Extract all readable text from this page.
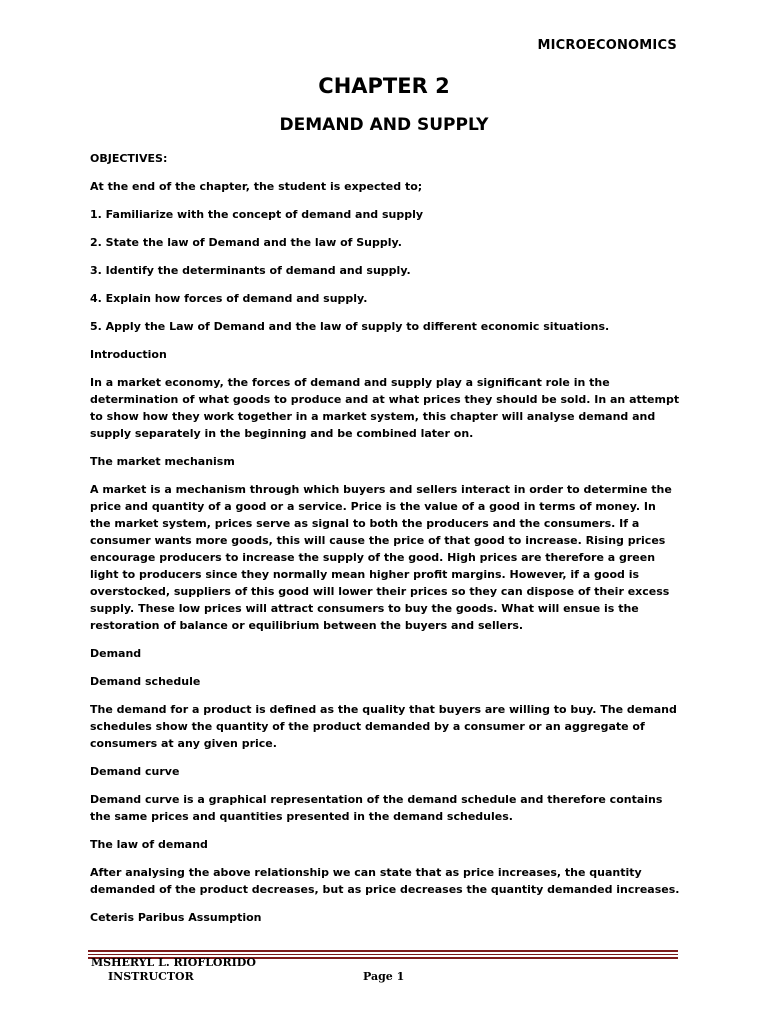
MICROECONOMICS
CHAPTER 2
DEMAND AND SUPPLY

OBJECTIVES:

At the end of the chapter, the student is expected to;

1. Familiarize with the concept of demand and supply

2. State the law of Demand and the law of Supply.

3. Identify the determinants of demand and supply.

4. Explain how forces of demand and supply.

5. Apply the Law of Demand and the law of supply to different economic situations.

Introduction

In a market economy, the forces of demand and supply play a significant role in the determination of what goods to produce and at what prices they should be sold. In an attempt to show how they work together in a market system, this chapter will analyse demand and supply separately in the beginning and be combined later on.

The market mechanism

A market is a mechanism through which buyers and sellers interact in order to determine the price and quantity of a good or a service. Price is the value of a good in terms of money. In the market system, prices serve as signal to both the producers and the consumers. If a consumer wants more goods, this will cause the price of that good to increase. Rising prices encourage producers to increase the supply of the good. High prices are therefore a green light to producers since they normally mean higher profit margins. However, if a good is overstocked, suppliers of this good will lower their prices so they can dispose of their excess supply. These low prices will attract consumers to buy the goods. What will ensue is the restoration of balance or equilibrium between the buyers and sellers.

Demand

Demand schedule

The demand for a product is defined as the quality that buyers are willing to buy. The demand schedules show the quantity of the product demanded by a consumer or an aggregate of consumers at any given price.

Demand curve

Demand curve is a graphical representation of the demand schedule and therefore contains the same prices and quantities presented in the demand schedules.

The law of demand

After analysing the above relationship we can state that as price increases, the quantity demanded of the product decreases, but as price decreases the quantity demanded increases.

Ceteris Paribus Assumption

MSHERYL L. RIOFLORIDO
INSTRUCTOR	Page 1
